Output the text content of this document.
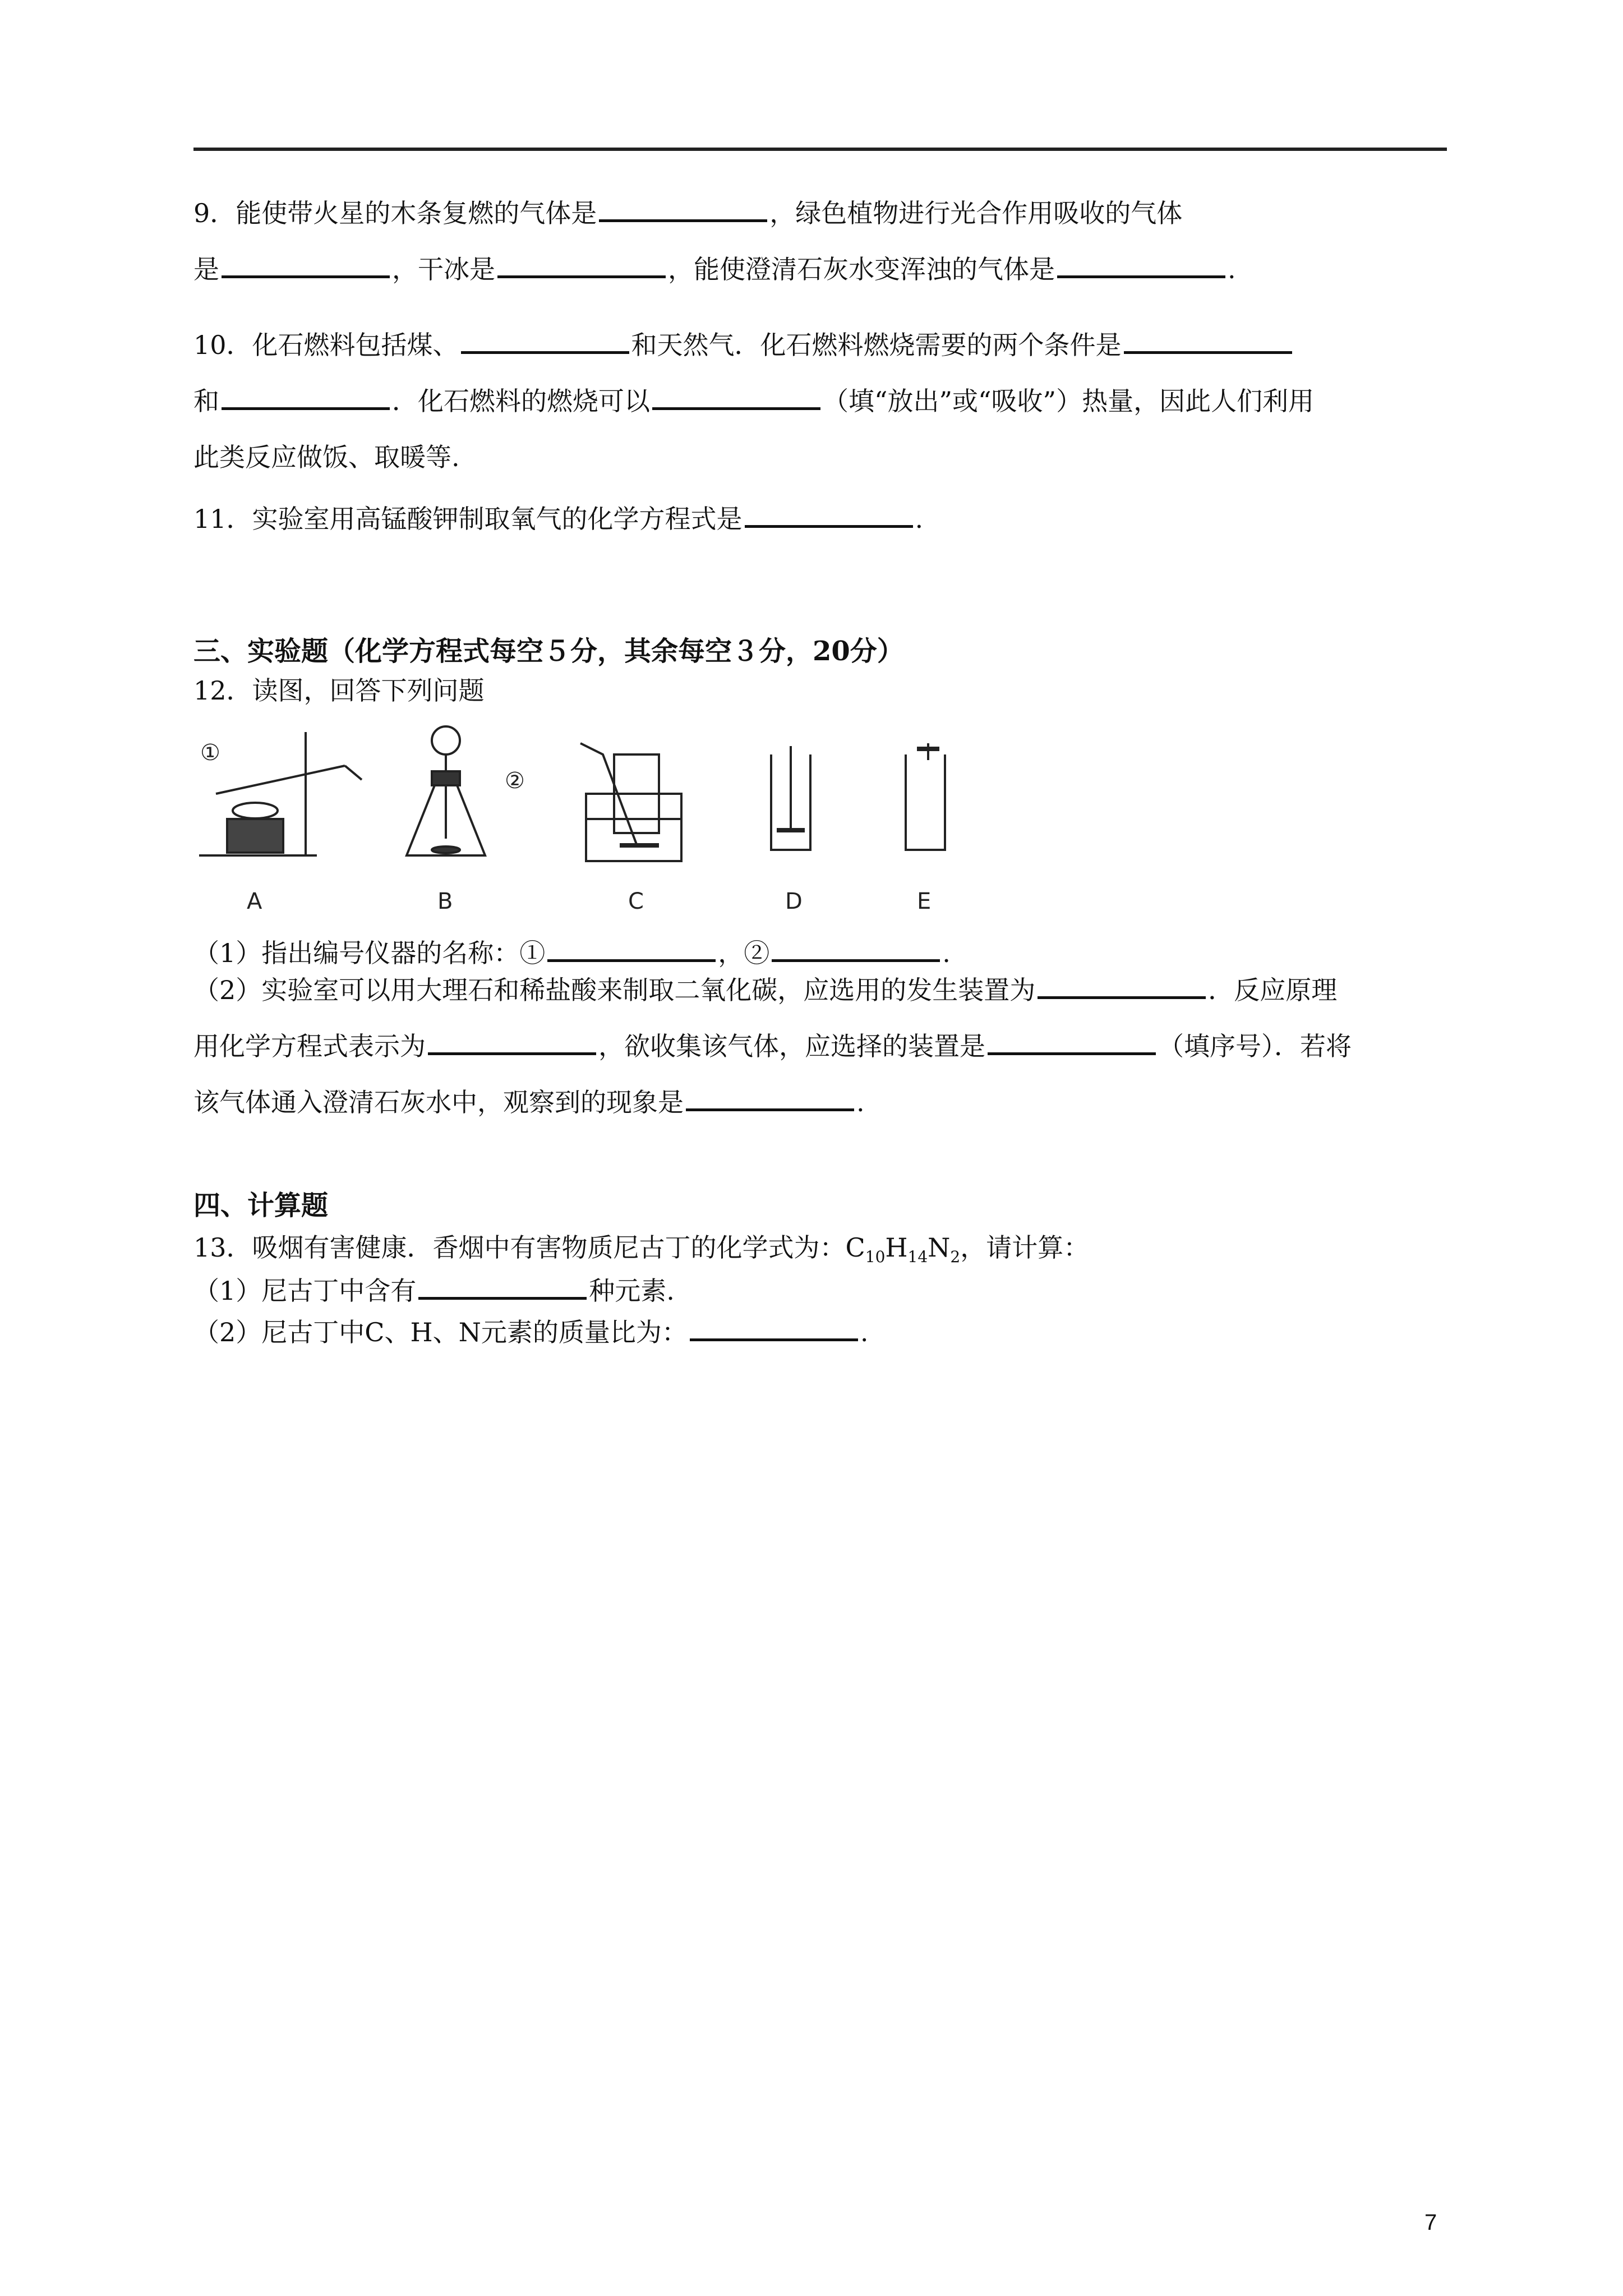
9．能使带火星的木条复燃的气体是	，绿色植物进行光合作用吸收的气体
是	，干冰是	，能使澄清石灰水变浑浊的气体是	.
10．化石燃料包括煤、	和天然气．化石燃料燃烧需要的两个条件是
和	．化石燃料的燃烧可以	（填“放出”或“吸收”）热量，因此人们利用
此类反应做饭、取暖等.
11．实验室用高锰酸钾制取氧气的化学方程式是	.
三、实验题（化学方程式每空５分，其余每空３分，20分）
12．读图，回答下列问题
①
②
A	B	C	D	E
（1）指出编号仪器的名称：①	，②	.
（2）实验室可以用大理石和稀盐酸来制取二氧化碳，应选用的发生装置为	．反应原理
用化学方程式表示为	，欲收集该气体，应选择的装置是	（填序号）．若将
该气体通入澄清石灰水中，观察到的现象是	.
四、计算题
13．吸烟有害健康．香烟中有害物质尼古丁的化学式为：$C_{10}H_{14}N_2$，请计算：
（1）尼古丁中含有	种元素.
（2）尼古丁中C、H、N元素的质量比为：	.
7
